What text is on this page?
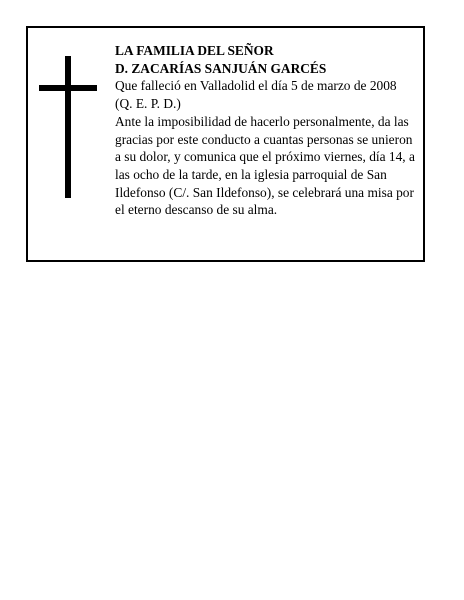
LA FAMILIA DEL SEÑOR

D. ZACARÍAS SANJUÁN GARCÉS

Que falleció en Valladolid el día 5 de marzo de 2008

(Q. E. P. D.)

Ante la imposibilidad de hacerlo personalmente, da las gracias por este conducto a cuantas personas se unieron a su dolor, y comunica que el próximo viernes, día 14, a las ocho de la tarde, en la iglesia parroquial de San Ildefonso (C/. San Ildefonso), se celebrará una misa por el eterno descanso de su alma.
